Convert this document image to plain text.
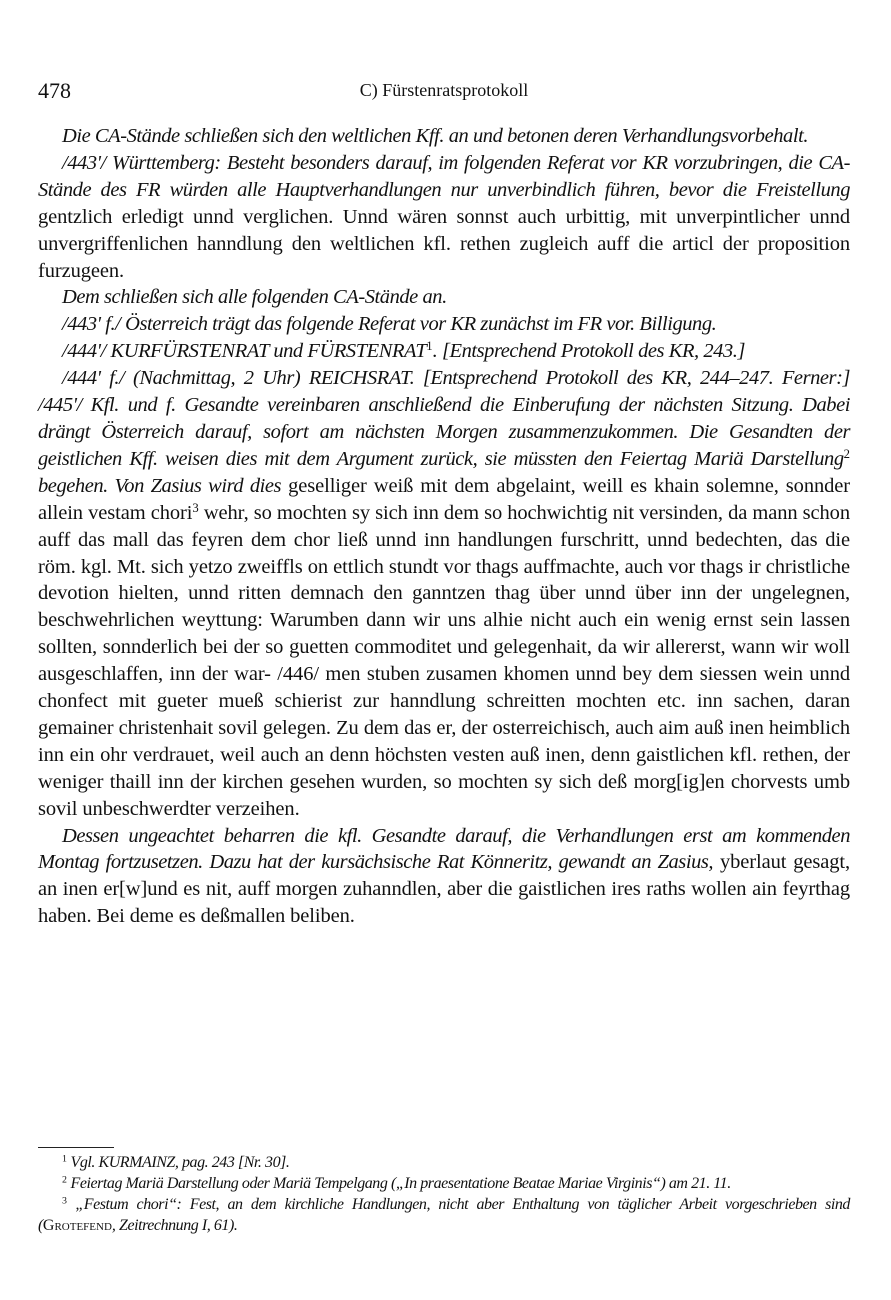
478	C) Fürstenratsprotokoll

Die CA-Stände schließen sich den weltlichen Kff. an und betonen deren Verhandlungsvorbehalt.

/443'/ Württemberg: Besteht besonders darauf, im folgenden Referat vor KR vorzubringen, die CA-Stände des FR würden alle Hauptverhandlungen nur unverbindlich führen, bevor die Freistellung gentzlich erledigt unnd verglichen. Unnd wären sonnst auch urbittig, mit unverpintlicher unnd unvergriffenlichen hanndlung den weltlichen kfl. rethen zugleich auff die articl der proposition furzugeen.

Dem schließen sich alle folgenden CA-Stände an.

/443' f./ Österreich trägt das folgende Referat vor KR zunächst im FR vor. Billigung.

/444'/ KURFÜRSTENRAT und FÜRSTENRAT$^1$. [Entsprechend Protokoll des KR, 243.]

/444' f./ (Nachmittag, 2 Uhr) REICHSRAT. [Entsprechend Protokoll des KR, 244–247. Ferner:] /445'/ Kfl. und f. Gesandte vereinbaren anschließend die Einberufung der nächsten Sitzung. Dabei drängt Österreich darauf, sofort am nächsten Morgen zusammenzukommen. Die Gesandten der geistlichen Kff. weisen dies mit dem Argument zurück, sie müssten den Feiertag Mariä Darstellung$^2$ begehen. Von Zasius wird dies geselliger weiß mit dem abgelaint, weill es khain solemne, sonnder allein vestam chori$^3$ wehr, so mochten sy sich inn dem so hochwichtig nit versinden, da mann schon auff das mall das feyren dem chor ließ unnd inn handlungen furschritt, unnd bedechten, das die röm. kgl. Mt. sich yetzo zweiffls on ettlich stundt vor thags auffmachte, auch vor thags ir christliche devotion hielten, unnd ritten demnach den ganntzen thag über unnd über inn der ungelegnen, beschwehrlichen weyttung: Warumben dann wir uns alhie nicht auch ein wenig ernst sein lassen sollten, sonnderlich bei der so guetten commoditet und gelegenhait, da wir allererst, wann wir woll ausgeschlaffen, inn der war- /446/ men stuben zusamen khomen unnd bey dem siessen wein unnd chonfect mit gueter mueß schierist zur hanndlung schreitten mochten etc. inn sachen, daran gemainer christenhait sovil gelegen. Zu dem das er, der osterreichisch, auch aim auß inen heimblich inn ein ohr verdrauet, weil auch an denn höchsten vesten auß inen, denn gaistlichen kfl. rethen, der weniger thaill inn der kirchen gesehen wurden, so mochten sy sich deß morg[ig]en chorvests umb sovil unbeschwerdter verzeihen.

Dessen ungeachtet beharren die kfl. Gesandte darauf, die Verhandlungen erst am kommenden Montag fortzusetzen. Dazu hat der kursächsische Rat Könneritz, gewandt an Zasius, yberlaut gesagt, an inen er[w]und es nit, auff morgen zuhanndlen, aber die gaistlichen ires raths wollen ain feyrthag haben. Bei deme es deßmallen beliben.

$^1$ Vgl. KURMAINZ, pag. 243 [Nr. 30].

$^2$ Feiertag Mariä Darstellung oder Mariä Tempelgang („In praesentatione Beatae Mariae Virginis“) am 21. 11.

$^3$ „Festum chori“: Fest, an dem kirchliche Handlungen, nicht aber Enthaltung von täglicher Arbeit vorgeschrieben sind (Grotefend, Zeitrechnung I, 61).
